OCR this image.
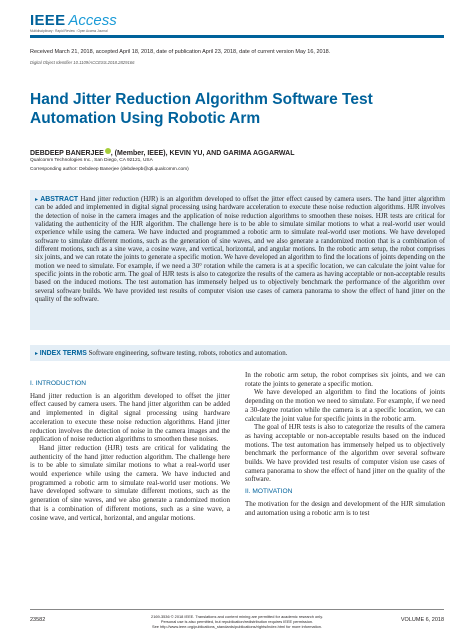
IEEE Access
Multidisciplinary : Rapid Review : Open Access Journal
Received March 21, 2018, accepted April 18, 2018, date of publication April 23, 2018, date of current version May 16, 2018.
Digital Object Identifier 10.1109/ACCESS.2018.2829166
Hand Jitter Reduction Algorithm Software Test Automation Using Robotic Arm
DEBDEEP BANERJEE , (Member, IEEE), KEVIN YU, AND GARIMA AGGARWAL
Qualcomm Technologies Inc., San Diego, CA 92121, USA
Corresponding author: Debdeep Banerjee (debdeepb@qti.qualcomm.com)
▸ ABSTRACT Hand jitter reduction (HJR) is an algorithm developed to offset the jitter effect caused by camera users. The hand jitter algorithm can be added and implemented in digital signal processing using hardware acceleration to execute these noise reduction algorithms. HJR involves the detection of noise in the camera images and the application of noise reduction algorithms to smoothen these noises. HJR tests are critical for validating the authenticity of the HJR algorithm. The challenge here is to be able to simulate similar motions to what a real-world user would experience while using the camera. We have inducted and programmed a robotic arm to simulate real-world user motions. We have developed software to simulate different motions, such as the generation of sine waves, and we also generate a randomized motion that is a combination of different motions, such as a sine wave, a cosine wave, and vertical, horizontal, and angular motions. In the robotic arm setup, the robot comprises six joints, and we can rotate the joints to generate a specific motion. We have developed an algorithm to find the locations of joints depending on the motion we need to simulate. For example, if we need a 30° rotation while the camera is at a specific location, we can calculate the joint value for specific joints in the robotic arm. The goal of HJR tests is also to categorize the results of the camera as having acceptable or non-acceptable results based on the induced motions. The test automation has immensely helped us to objectively benchmark the performance of the algorithm over several software builds. We have provided test results of computer vision use cases of camera panorama to show the effect of hand jitter on the quality of the software.
▸ INDEX TERMS Software engineering, software testing, robots, robotics and automation.
I. INTRODUCTION

Hand jitter reduction is an algorithm developed to offset the jitter effect caused by camera users. The hand jitter algorithm can be added and implemented in digital signal processing using hardware acceleration to execute these noise reduction algorithms. Hand jitter reduction involves the detection of noise in the camera images and the application of noise reduction algorithms to smoothen these noises.

Hand jitter reduction (HJR) tests are critical for validating the authenticity of the hand jitter reduction algorithm. The challenge here is to be able to simulate similar motions to what a real-world user would experience while using the camera. We have inducted and programmed a robotic arm to simulate real-world user motions. We have developed software to simulate different motions, such as the generation of sine waves, and we also generate a randomized motion that is a combination of different motions, such as a sine wave, a cosine wave, and vertical, horizontal, and angular motions.

In the robotic arm setup, the robot comprises six joints, and we can rotate the joints to generate a specific motion.

We have developed an algorithm to find the locations of joints depending on the motion we need to simulate. For example, if we need a 30-degree rotation while the camera is at a specific location, we can calculate the joint value for specific joints in the robotic arm.

The goal of HJR tests is also to categorize the results of the camera as having acceptable or non-acceptable results based on the induced motions. The test automation has immensely helped us to objectively benchmark the performance of the algorithm over several software builds. We have provided test results of computer vision use cases of camera panorama to show the effect of hand jitter on the quality of the software.

II. MOTIVATION

The motivation for the design and development of the HJR simulation and automation using a robotic arm is to test

23582
2169-3536 © 2018 IEEE. Translations and content mining are permitted for academic research only.
Personal use is also permitted, but republication/redistribution requires IEEE permission.
See http://www.ieee.org/publications_standards/publications/rights/index.html for more information.
VOLUME 6, 2018
